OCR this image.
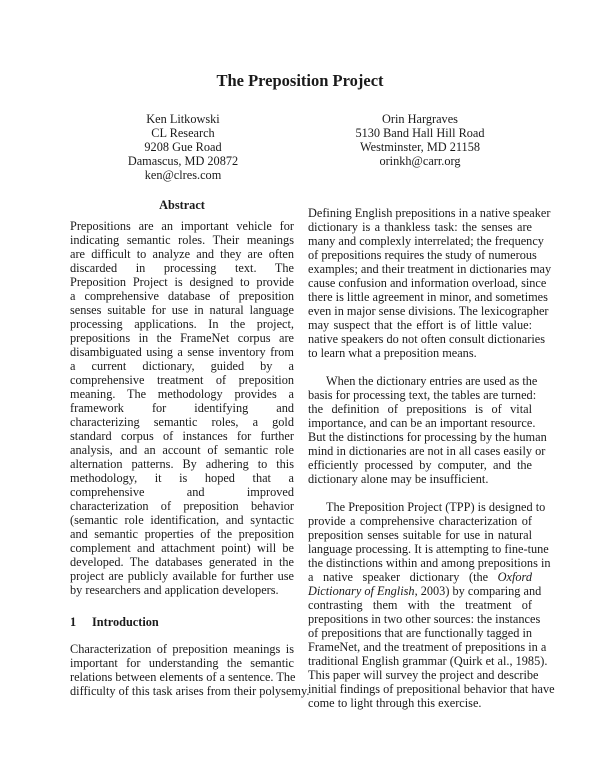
The Preposition Project
Ken Litkowski
CL Research
9208 Gue Road
Damascus, MD 20872
ken@clres.com
Orin Hargraves
5130 Band Hall Hill Road
Westminster, MD 21158
orinkh@carr.org
Abstract
Prepositions are an important vehicle for
indicating semantic roles. Their meanings
are difficult to analyze and they are often
discarded in processing text. The
Preposition Project is designed to provide
a comprehensive database of preposition
senses suitable for use in natural language
processing applications. In the project,
prepositions in the FrameNet corpus are
disambiguated using a sense inventory from
a current dictionary, guided by a
comprehensive treatment of preposition
meaning. The methodology provides a
framework for identifying and
characterizing semantic roles, a gold
standard corpus of instances for further
analysis, and an account of semantic role
alternation patterns. By adhering to this
methodology, it is hoped that a
comprehensive and improved
characterization of preposition behavior
(semantic role identification, and syntactic
and semantic properties of the preposition
complement and attachment point) will be
developed. The databases generated in the
project are publicly available for further use
by researchers and application developers.
1 Introduction
Characterization of preposition meanings is
important for understanding the semantic
relations between elements of a sentence. The
difficulty of this task arises from their polysemy.
Defining English prepositions in a native speaker
dictionary is a thankless task: the senses are
many and complexly interrelated; the frequency
of prepositions requires the study of numerous
examples; and their treatment in dictionaries may
cause confusion and information overload, since
there is little agreement in minor, and sometimes
even in major sense divisions. The lexicographer
may suspect that the effort is of little value:
native speakers do not often consult dictionaries
to learn what a preposition means.
When the dictionary entries are used as the
basis for processing text, the tables are turned:
the definition of prepositions is of vital
importance, and can be an important resource.
But the distinctions for processing by the human
mind in dictionaries are not in all cases easily or
efficiently processed by computer, and the
dictionary alone may be insufficient.
The Preposition Project (TPP) is designed to
provide a comprehensive characterization of
preposition senses suitable for use in natural
language processing. It is attempting to fine-tune
the distinctions within and among prepositions in
a native speaker dictionary (the Oxford
Dictionary of English, 2003) by comparing and
contrasting them with the treatment of
prepositions in two other sources: the instances
of prepositions that are functionally tagged in
FrameNet, and the treatment of prepositions in a
traditional English grammar (Quirk et al., 1985).
This paper will survey the project and describe
initial findings of prepositional behavior that have
come to light through this exercise.
